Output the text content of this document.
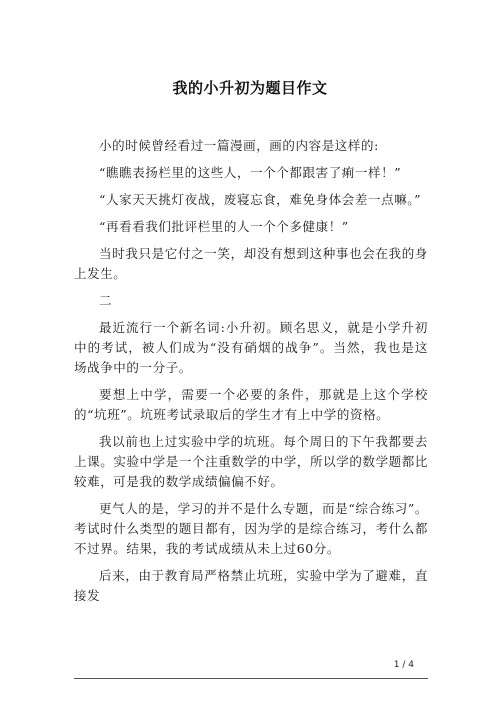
我的小升初为题目作文

小的时候曾经看过一篇漫画，画的内容是这样的:

“瞧瞧表扬栏里的这些人，一个个都跟害了痢一样！”

“人家天天挑灯夜战，废寝忘食，难免身体会差一点嘛。”

“再看看我们批评栏里的人一个个多健康！”

当时我只是它付之一笑，却没有想到这种事也会在我的身上发生。

二

最近流行一个新名词:小升初。顾名思义，就是小学升初中的考试，被人们成为“没有硝烟的战争”。当然，我也是这场战争中的一分子。

要想上中学，需要一个必要的条件，那就是上这个学校的“坑班”。坑班考试录取后的学生才有上中学的资格。

我以前也上过实验中学的坑班。每个周日的下午我都要去上课。实验中学是一个注重数学的中学，所以学的数学题都比较难，可是我的数学成绩偏偏不好。

更气人的是，学习的并不是什么专题，而是“综合练习”。考试时什么类型的题目都有，因为学的是综合练习，考什么都不过界。结果，我的考试成绩从未上过60分。

后来，由于教育局严格禁止坑班，实验中学为了避难，直接发

1 / 4
